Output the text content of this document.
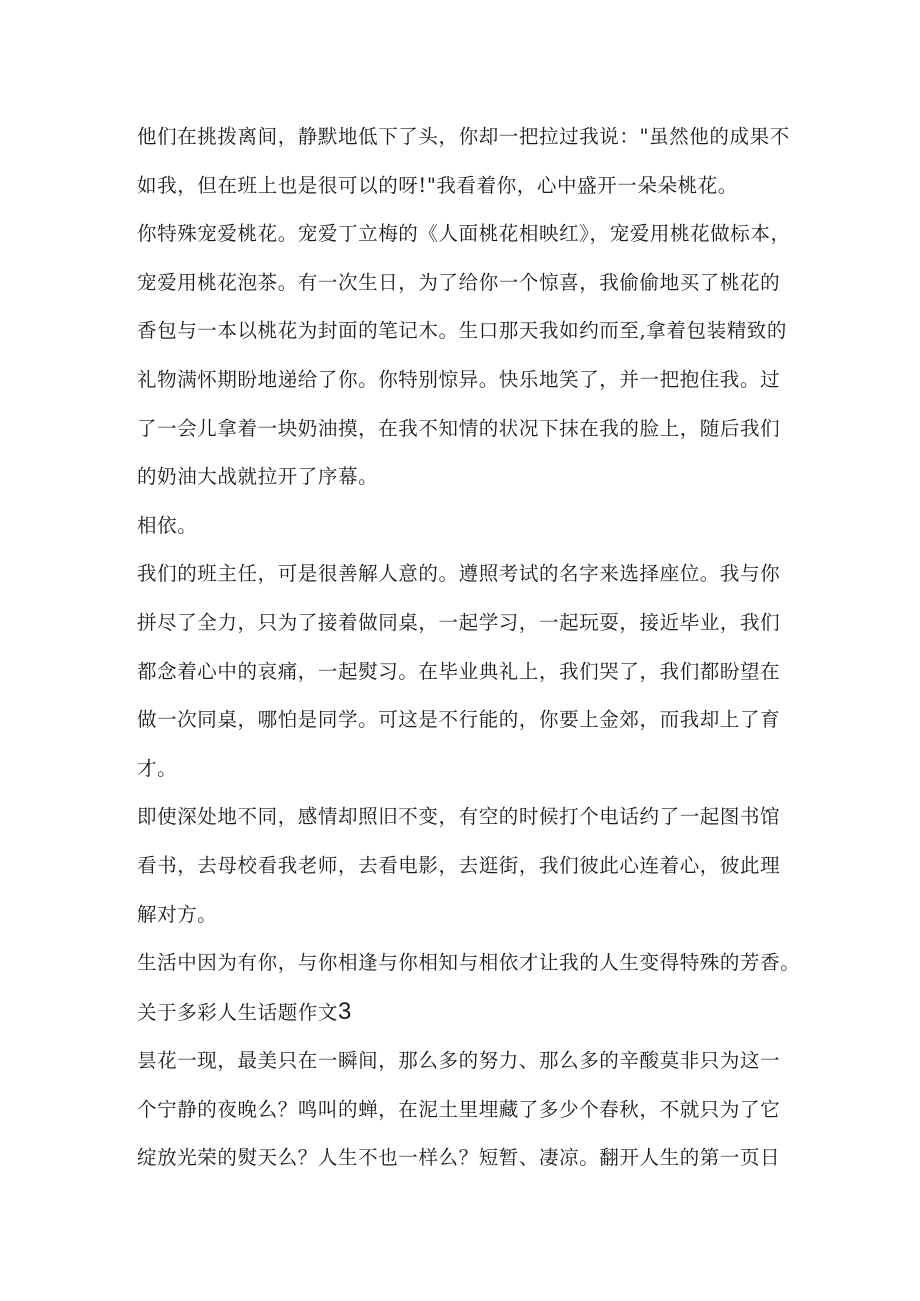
他们在挑拨离间，静默地低下了头，你却一把拉过我说："虽然他的成果不
如我，但在班上也是很可以的呀!"我看着你，心中盛开一朵朵桃花。

你特殊宠爱桃花。宠爱丁立梅的《人面桃花相映红》，宠爱用桃花做标本，
宠爱用桃花泡茶。有一次生日，为了给你一个惊喜，我偷偷地买了桃花的
香包与一本以桃花为封面的笔记木。生口那天我如约而至,拿着包装精致的
礼物满怀期盼地递给了你。你特别惊异。快乐地笑了，并一把抱住我。过
了一会儿拿着一块奶油摸，在我不知情的状况下抹在我的脸上，随后我们
的奶油大战就拉开了序幕。

相依。

我们的班主任，可是很善解人意的。遵照考试的名字来选择座位。我与你
拼尽了全力，只为了接着做同桌，一起学习，一起玩耍，接近毕业，我们
都念着心中的哀痛，一起熨习。在毕业典礼上，我们哭了，我们都盼望在
做一次同桌，哪怕是同学。可这是不行能的，你要上金郊，而我却上了育
才。

即使深处地不同，感情却照旧不变，有空的时候打个电话约了一起图书馆
看书，去母校看我老师，去看电影，去逛街，我们彼此心连着心，彼此理
解对方。

生活中因为有你，与你相逢与你相知与相依才让我的人生变得特殊的芳香。

关于多彩人生话题作文3

昙花一现，最美只在一瞬间，那么多的努力、那么多的辛酸莫非只为这一
个宁静的夜晚么？鸣叫的蝉，在泥土里埋藏了多少个春秋，不就只为了它
绽放光荣的熨天么？人生不也一样么？短暂、凄凉。翻开人生的第一页日
